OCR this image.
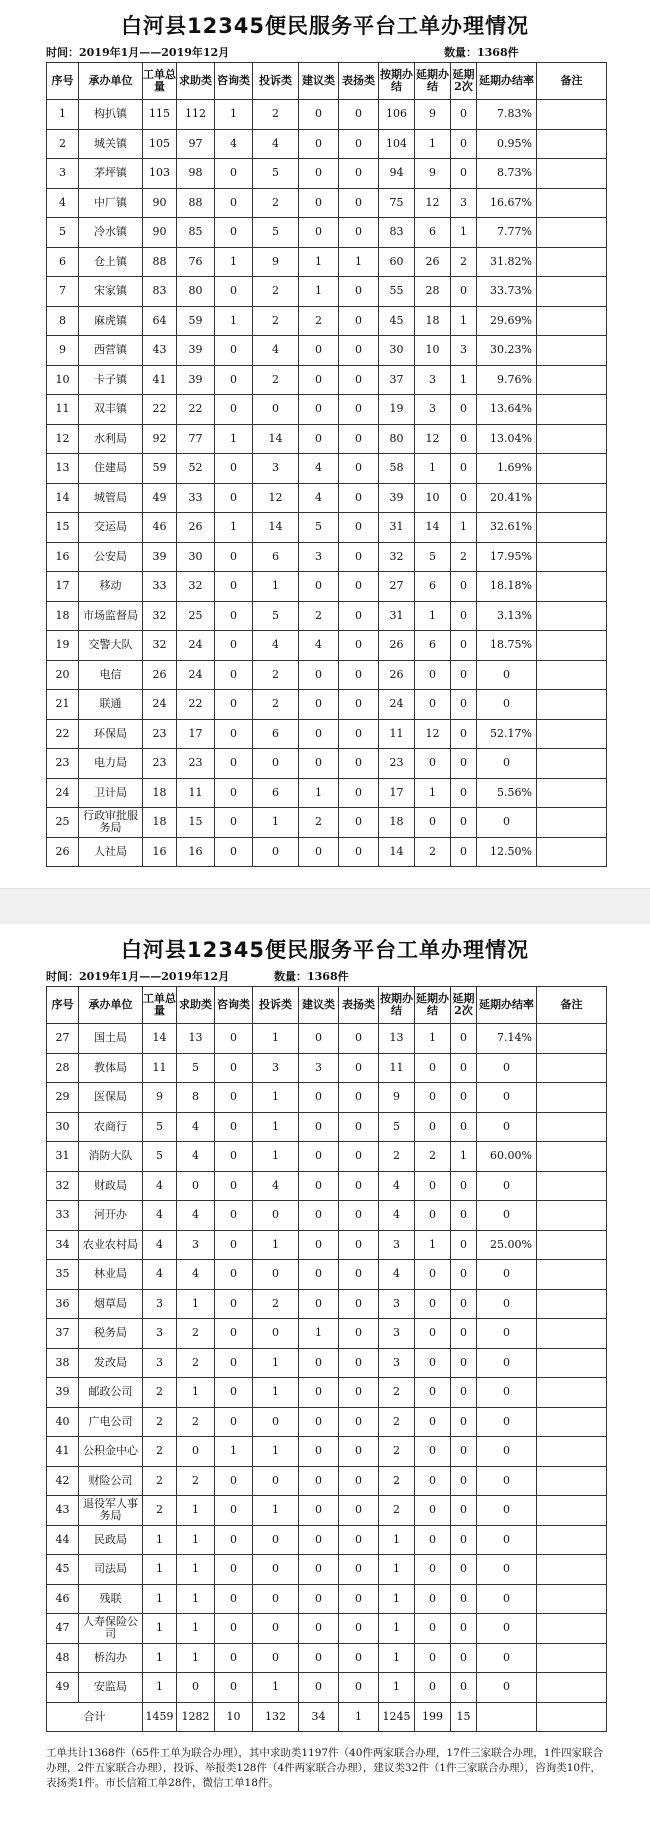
白河县12345便民服务平台工单办理情况
时间：2019年1月——2019年12月	数量：1368件
序号	承办单位	工单总量	求助类	咨询类	投诉类	建议类	表扬类	按期办结	延期办结	延期2次	延期办结率	备注
1	构扒镇	115	112	1	2	0	0	106	9	0	7.83%	
2	城关镇	105	97	4	4	0	0	104	1	0	0.95%	
3	茅坪镇	103	98	0	5	0	0	94	9	0	8.73%	
4	中厂镇	90	88	0	2	0	0	75	12	3	16.67%	
5	冷水镇	90	85	0	5	0	0	83	6	1	7.77%	
6	仓上镇	88	76	1	9	1	1	60	26	2	31.82%	
7	宋家镇	83	80	0	2	1	0	55	28	0	33.73%	
8	麻虎镇	64	59	1	2	2	0	45	18	1	29.69%	
9	西营镇	43	39	0	4	0	0	30	10	3	30.23%	
10	卡子镇	41	39	0	2	0	0	37	3	1	9.76%	
11	双丰镇	22	22	0	0	0	0	19	3	0	13.64%	
12	水利局	92	77	1	14	0	0	80	12	0	13.04%	
13	住建局	59	52	0	3	4	0	58	1	0	1.69%	
14	城管局	49	33	0	12	4	0	39	10	0	20.41%	
15	交运局	46	26	1	14	5	0	31	14	1	32.61%	
16	公安局	39	30	0	6	3	0	32	5	2	17.95%	
17	移动	33	32	0	1	0	0	27	6	0	18.18%	
18	市场监督局	32	25	0	5	2	0	31	1	0	3.13%	
19	交警大队	32	24	0	4	4	0	26	6	0	18.75%	
20	电信	26	24	0	2	0	0	26	0	0	0	
21	联通	24	22	0	2	0	0	24	0	0	0	
22	环保局	23	17	0	6	0	0	11	12	0	52.17%	
23	电力局	23	23	0	0	0	0	23	0	0	0	
24	卫计局	18	11	0	6	1	0	17	1	0	5.56%	
25	行政审批服务局	18	15	0	1	2	0	18	0	0	0	
26	人社局	16	16	0	0	0	0	14	2	0	12.50%	
白河县12345便民服务平台工单办理情况
时间：2019年1月——2019年12月	数量：1368件
序号	承办单位	工单总量	求助类	咨询类	投诉类	建议类	表扬类	按期办结	延期办结	延期2次	延期办结率	备注
27	国土局	14	13	0	1	0	0	13	1	0	7.14%	
28	教体局	11	5	0	3	3	0	11	0	0	0	
29	医保局	9	8	0	1	0	0	9	0	0	0	
30	农商行	5	4	0	1	0	0	5	0	0	0	
31	消防大队	5	4	0	1	0	0	2	2	1	60.00%	
32	财政局	4	0	0	4	0	0	4	0	0	0	
33	河开办	4	4	0	0	0	0	4	0	0	0	
34	农业农村局	4	3	0	1	0	0	3	1	0	25.00%	
35	林业局	4	4	0	0	0	0	4	0	0	0	
36	烟草局	3	1	0	2	0	0	3	0	0	0	
37	税务局	3	2	0	0	1	0	3	0	0	0	
38	发改局	3	2	0	1	0	0	3	0	0	0	
39	邮政公司	2	1	0	1	0	0	2	0	0	0	
40	广电公司	2	2	0	0	0	0	2	0	0	0	
41	公积金中心	2	0	1	1	0	0	2	0	0	0	
42	财险公司	2	2	0	0	0	0	2	0	0	0	
43	退役军人事务局	2	1	0	1	0	0	2	0	0	0	
44	民政局	1	1	0	0	0	0	1	0	0	0	
45	司法局	1	1	0	0	0	0	1	0	0	0	
46	残联	1	1	0	0	0	0	1	0	0	0	
47	人寿保险公司	1	1	0	0	0	0	1	0	0	0	
48	桥沟办	1	1	0	0	0	0	1	0	0	0	
49	安监局	1	0	0	1	0	0	1	0	0	0	
合计		1459	1282	10	132	34	1	1245	199	15		
工单共计1368件（65件工单为联合办理），其中求助类1197件（40件两家联合办理，17件三家联合办理，1件四家联合办理，2件五家联合办理），投诉、举报类128件（4件两家联合办理），建议类32件（1件三家联合办理），咨询类10件，表扬类1件。市长信箱工单28件，微信工单18件。
